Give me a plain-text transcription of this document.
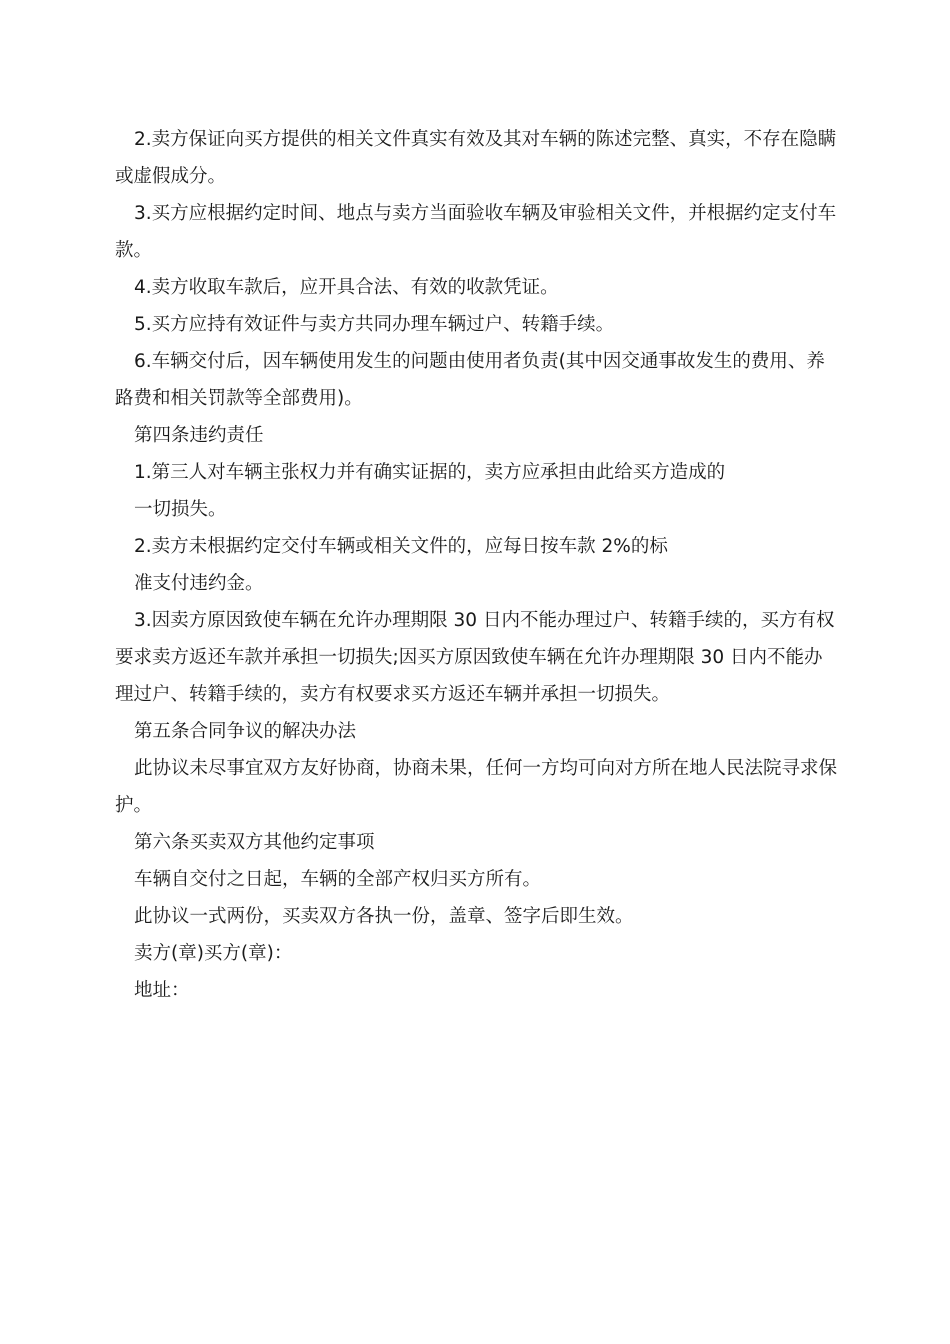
2.卖方保证向买方提供的相关文件真实有效及其对车辆的陈述完整、真实，不存在隐瞒或虚假成分。

3.买方应根据约定时间、地点与卖方当面验收车辆及审验相关文件，并根据约定支付车款。

4.卖方收取车款后，应开具合法、有效的收款凭证。

5.买方应持有效证件与卖方共同办理车辆过户、转籍手续。

6.车辆交付后，因车辆使用发生的问题由使用者负责(其中因交通事故发生的费用、养路费和相关罚款等全部费用)。

第四条违约责任

1.第三人对车辆主张权力并有确实证据的，卖方应承担由此给买方造成的

一切损失。

2.卖方未根据约定交付车辆或相关文件的，应每日按车款 2%的标

准支付违约金。

3.因卖方原因致使车辆在允许办理期限 30 日内不能办理过户、转籍手续的，买方有权要求卖方返还车款并承担一切损失;因买方原因致使车辆在允许办理期限 30 日内不能办理过户、转籍手续的，卖方有权要求买方返还车辆并承担一切损失。

第五条合同争议的解决办法

此协议未尽事宜双方友好协商，协商未果，任何一方均可向对方所在地人民法院寻求保护。

第六条买卖双方其他约定事项

车辆自交付之日起，车辆的全部产权归买方所有。

此协议一式两份，买卖双方各执一份，盖章、签字后即生效。

卖方(章)买方(章)：

地址：
